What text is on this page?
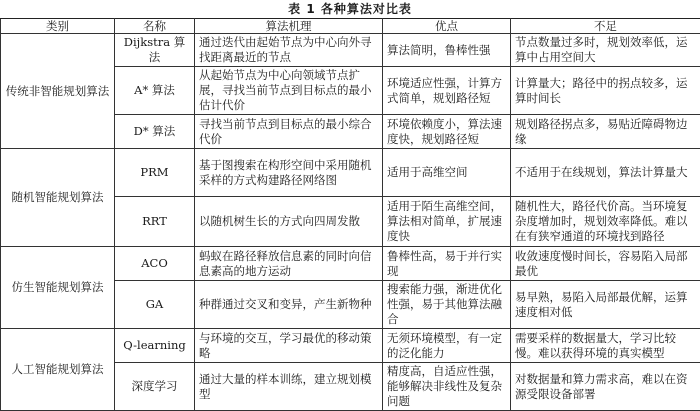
表 1 各种算法对比表
类别	名称	算法机理	优点	不足
传统非智能规划算法	Dijkstra 算法	通过迭代由起始节点为中心向外寻找距离最近的节点	算法简明，鲁棒性强	节点数量过多时，规划效率低，运算中占用空间大
	A* 算法	从起始节点为中心向领域节点扩展，寻找当前节点到目标点的最小估计代价	环境适应性强，计算方式简单，规划路径短	计算量大；路径中的拐点较多，运算时间长
	D* 算法	寻找当前节点到目标点的最小综合代价	环境依赖度小，算法速度快，规划路径短	规划路径拐点多，易贴近障碍物边缘
随机智能规划算法	PRM	基于图搜索在构形空间中采用随机采样的方式构建路径网络图	适用于高维空间	不适用于在线规划，算法计算量大
	RRT	以随机树生长的方式向四周发散	适用于陌生高维空间，算法相对简单，扩展速度快	随机性大，路径代价高。当环境复杂度增加时，规划效率降低。难以在有狭窄通道的环境找到路径
仿生智能规划算法	ACO	蚂蚁在路径释放信息素的同时向信息素高的地方运动	鲁棒性高，易于并行实现	收敛速度慢时间长，容易陷入局部最优
	GA	种群通过交叉和变异，产生新物种	搜索能力强，渐进优化性强，易于其他算法融合	易早熟，易陷入局部最优解，运算速度相对低
人工智能规划算法	Q-learning	与环境的交互，学习最优的移动策略	无须环境模型，有一定的泛化能力	需要采样的数据量大，学习比较慢。难以获得环境的真实模型
	深度学习	通过大量的样本训练，建立规划模型	精度高，自适应性强，能够解决非线性及复杂问题	对数据量和算力需求高，难以在资源受限设备部署
